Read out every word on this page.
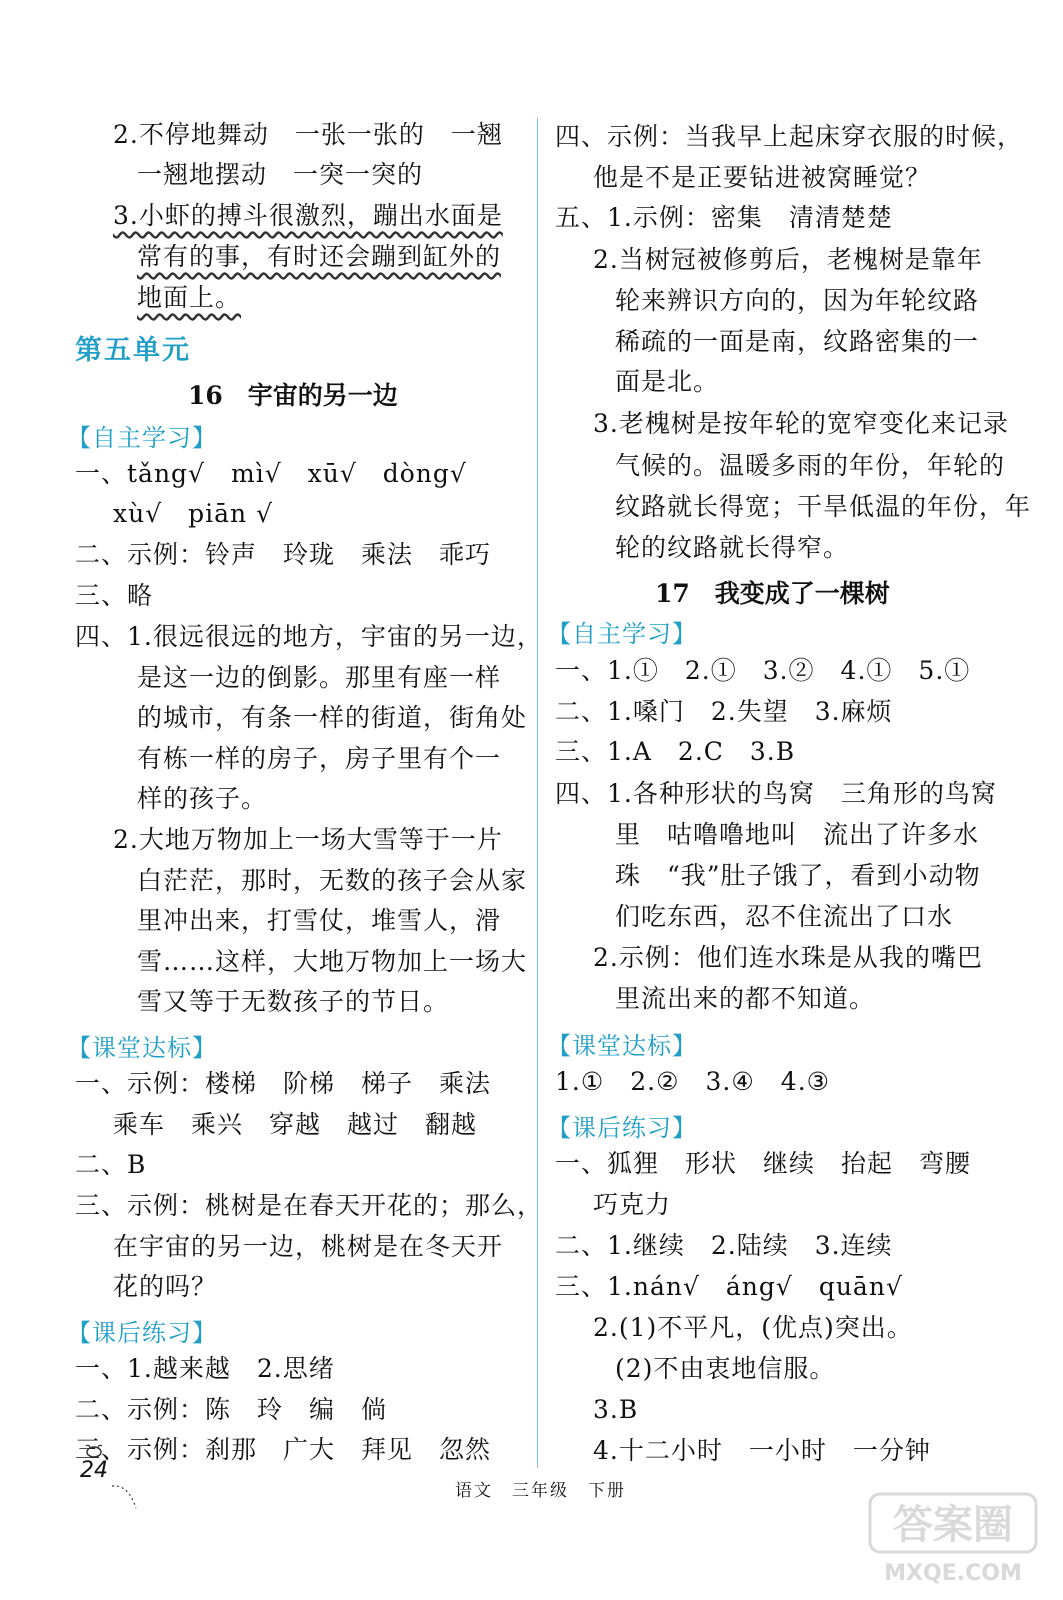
2.不停地舞动　一张一张的　一翘
一翘地摆动　一突一突的
3.小虾的搏斗很激烈，蹦出水面是
常有的事，有时还会蹦到缸外的
地面上。
第五单元
16　宇宙的另一边
【自主学习】
一、tǎng√　mì√　xū√　dòng√
xù√　piān √
二、示例：铃声　玲珑　乘法　乖巧
三、略
四、1.很远很远的地方，宇宙的另一边，
是这一边的倒影。那里有座一样
的城市，有条一样的街道，街角处
有栋一样的房子，房子里有个一
样的孩子。
2.大地万物加上一场大雪等于一片
白茫茫，那时，无数的孩子会从家
里冲出来，打雪仗，堆雪人，滑
雪……这样，大地万物加上一场大
雪又等于无数孩子的节日。
【课堂达标】
一、示例：楼梯　阶梯　梯子　乘法
乘车　乘兴　穿越　越过　翻越
二、B
三、示例：桃树是在春天开花的；那么，
在宇宙的另一边，桃树是在冬天开
花的吗？
【课后练习】
一、1.越来越　2.思绪
二、示例：陈　玲　编　倘
三、示例：刹那　广大　拜见　忽然
四、示例：当我早上起床穿衣服的时候，
他是不是正要钻进被窝睡觉？
五、1.示例：密集　清清楚楚
2.当树冠被修剪后，老槐树是靠年
轮来辨识方向的，因为年轮纹路
稀疏的一面是南，纹路密集的一
面是北。
3.老槐树是按年轮的宽窄变化来记录
气候的。温暖多雨的年份，年轮的
纹路就长得宽；干旱低温的年份，年
轮的纹路就长得窄。
17　我变成了一棵树
【自主学习】
一、1.①　2.①　3.②　4.①　5.①
二、1.嗓门　2.失望　3.麻烦
三、1.A　2.C　3.B
四、1.各种形状的鸟窝　三角形的鸟窝
里　咕噜噜地叫　流出了许多水
珠　“我”肚子饿了，看到小动物
们吃东西，忍不住流出了口水
2.示例：他们连水珠是从我的嘴巴
里流出来的都不知道。
【课堂达标】
1.①　2.②　3.④　4.③
【课后练习】
一、狐狸　形状　继续　抬起　弯腰
巧克力
二、1.继续　2.陆续　3.连续
三、1.nán√　áng√　quān√
2.(1)不平凡，(优点)突出。
(2)不由衷地信服。
3.B
4.十二小时　一小时　一分钟
24
语文　三年级　下册
答案圈
MXQE.COM
